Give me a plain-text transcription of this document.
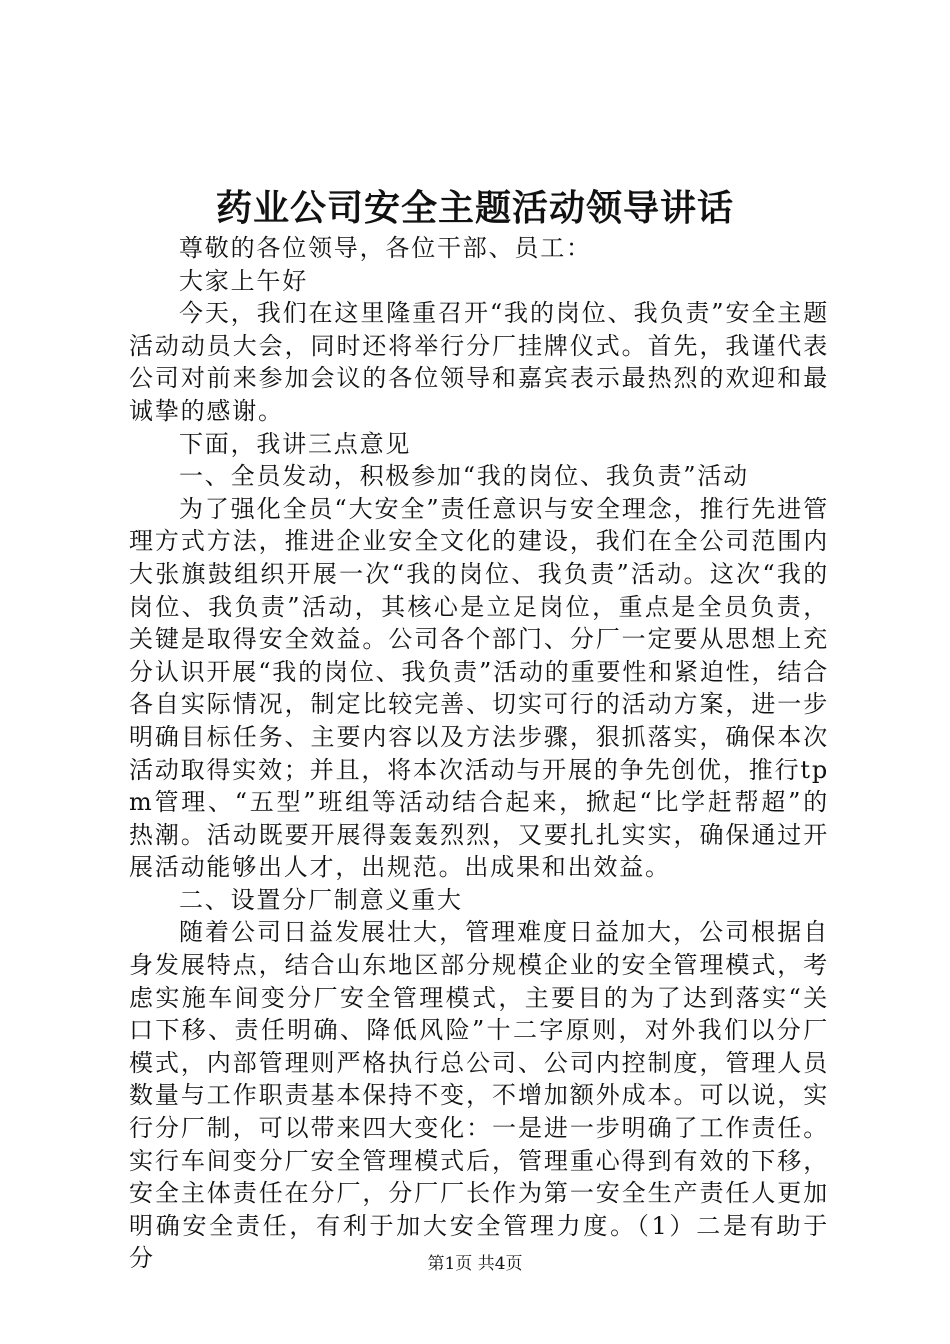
药业公司安全主题活动领导讲话

尊敬的各位领导，各位干部、员工：

大家上午好

今天，我们在这里隆重召开“我的岗位、我负责”安全主题活动动员大会，同时还将举行分厂挂牌仪式。首先，我谨代表公司对前来参加会议的各位领导和嘉宾表示最热烈的欢迎和最诚挚的感谢。

下面，我讲三点意见

一、全员发动，积极参加“我的岗位、我负责”活动

为了强化全员“大安全”责任意识与安全理念，推行先进管理方式方法，推进企业安全文化的建设，我们在全公司范围内大张旗鼓组织开展一次“我的岗位、我负责”活动。这次“我的岗位、我负责”活动，其核心是立足岗位，重点是全员负责，关键是取得安全效益。公司各个部门、分厂一定要从思想上充分认识开展“我的岗位、我负责”活动的重要性和紧迫性，结合各自实际情况，制定比较完善、切实可行的活动方案，进一步明确目标任务、主要内容以及方法步骤，狠抓落实，确保本次活动取得实效；并且，将本次活动与开展的争先创优，推行tpm管理、“五型”班组等活动结合起来，掀起“比学赶帮超”的热潮。活动既要开展得轰轰烈烈，又要扎扎实实，确保通过开展活动能够出人才，出规范。出成果和出效益。

二、设置分厂制意义重大

随着公司日益发展壮大，管理难度日益加大，公司根据自身发展特点，结合山东地区部分规模企业的安全管理模式，考虑实施车间变分厂安全管理模式，主要目的为了达到落实“关口下移、责任明确、降低风险”十二字原则，对外我们以分厂模式，内部管理则严格执行总公司、公司内控制度，管理人员数量与工作职责基本保持不变，不增加额外成本。可以说，实行分厂制，可以带来四大变化：一是进一步明确了工作责任。实行车间变分厂安全管理模式后，管理重心得到有效的下移，安全主体责任在分厂，分厂厂长作为第一安全生产责任人更加明确安全责任，有利于加大安全管理力度。（1）二是有助于分	第1页 共4页
